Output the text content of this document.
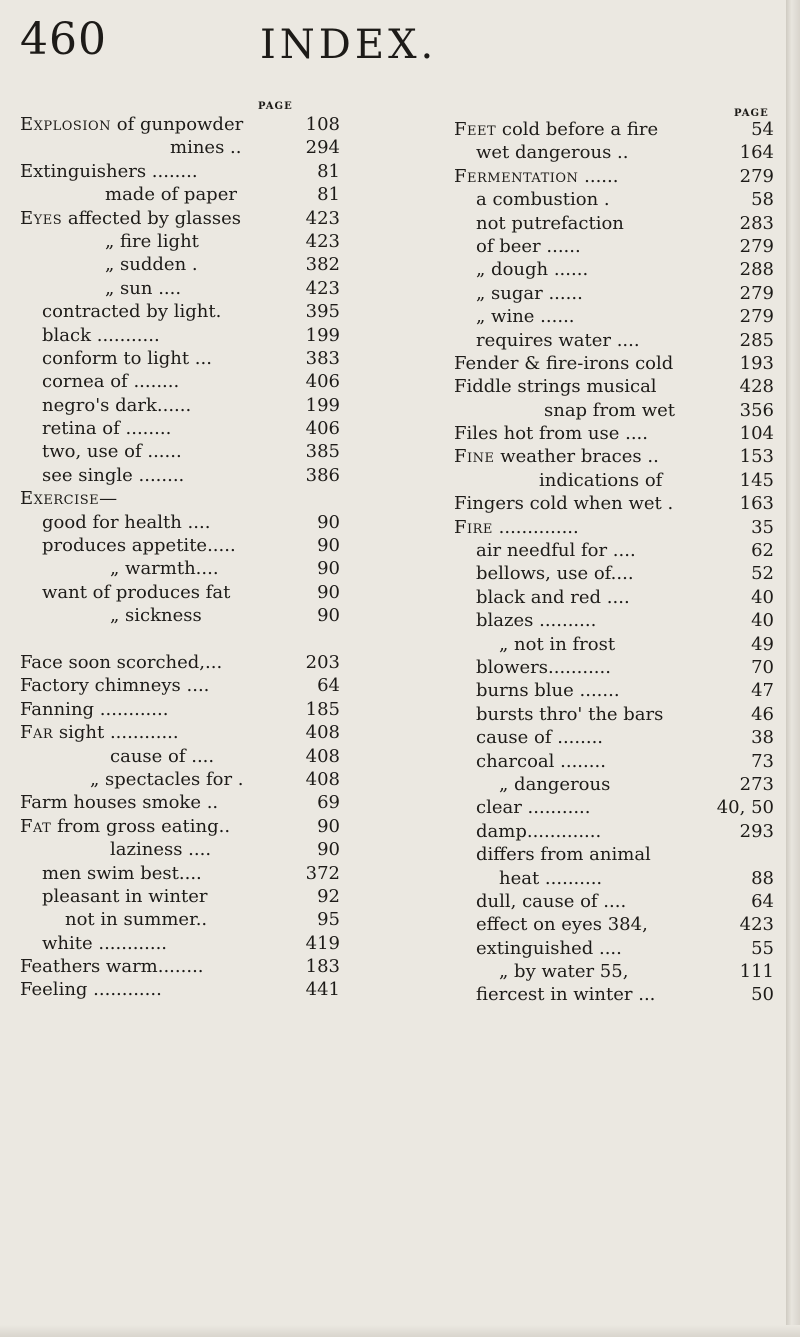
460	INDEX.
PAGE
Explosion of gunpowder	108
mines ..	294
Extinguishers ........	81
made of paper	81
Eyes affected by glasses	423
„ fire light	423
„ sudden .	382
„ sun ....	423
contracted by light.	395
black ...........	199
conform to light ...	383
cornea of ........	406
negro's dark......	199
retina of ........	406
two, use of ......	385
see single ........	386
Exercise—
good for health ....	90
produces appetite.....	90
„ warmth....	90
want of produces fat	90
„ sickness	90
Face soon scorched,...	203
Factory chimneys ....	64
Fanning ............	185
Far sight ............	408
cause of ....	408
„ spectacles for .	408
Farm houses smoke ..	69
Fat from gross eating..	90
laziness ....	90
men swim best....	372
pleasant in winter	92
not in summer..	95
white ............	419
Feathers warm........	183
Feeling ............	441
PAGE
Feet cold before a fire	54
wet dangerous ..	164
Fermentation ......	279
a combustion .	58
not putrefaction	283
of beer ......	279
„ dough ......	288
„ sugar ......	279
„ wine ......	279
requires water ....	285
Fender & fire-irons cold	193
Fiddle strings musical	428
snap from wet	356
Files hot from use ....	104
Fine weather braces ..	153
indications of	145
Fingers cold when wet .	163
Fire ..............	35
air needful for ....	62
bellows, use of....	52
black and red ....	40
blazes ..........	40
„ not in frost	49
blowers...........	70
burns blue .......	47
bursts thro' the bars	46
cause of ........	38
charcoal ........	73
„ dangerous	273
clear ...........	40, 50
damp.............	293
differs from animal
heat ..........	88
dull, cause of ....	64
effect on eyes 384,	423
extinguished ....	55
„ by water 55,	111
fiercest in winter ...	50
